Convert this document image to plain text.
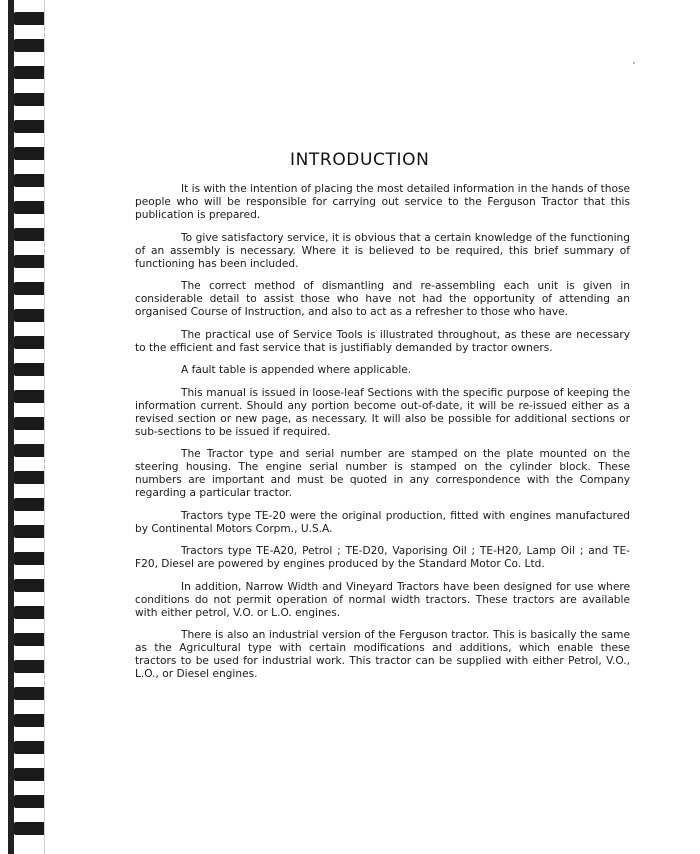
INTRODUCTION

It is with the intention of placing the most detailed information in the hands of those people who will be responsible for carrying out service to the Ferguson Tractor that this publication is prepared.

To give satisfactory service, it is obvious that a certain knowledge of the functioning of an assembly is necessary. Where it is believed to be required, this brief summary of functioning has been included.

The correct method of dismantling and re-assembling each unit is given in considerable detail to assist those who have not had the opportunity of attending an organised Course of Instruction, and also to act as a refresher to those who have.

The practical use of Service Tools is illustrated throughout, as these are necessary to the efficient and fast service that is justifiably demanded by tractor owners.

A fault table is appended where applicable.

This manual is issued in loose-leaf Sections with the specific purpose of keeping the information current. Should any portion become out-of-date, it will be re-issued either as a revised section or new page, as necessary. It will also be possible for additional sections or sub-sections to be issued if required.

The Tractor type and serial number are stamped on the plate mounted on the steering housing. The engine serial number is stamped on the cylinder block. These numbers are important and must be quoted in any correspondence with the Company regarding a particular tractor.

Tractors type TE-20 were the original production, fitted with engines manufactured by Continental Motors Corpm., U.S.A.

Tractors type TE-A20, Petrol ; TE-D20, Vaporising Oil ; TE-H20, Lamp Oil ; and TE-F20, Diesel are powered by engines produced by the Standard Motor Co. Ltd.

In addition, Narrow Width and Vineyard Tractors have been designed for use where conditions do not permit operation of normal width tractors. These tractors are available with either petrol, V.O. or L.O. engines.

There is also an industrial version of the Ferguson tractor. This is basically the same as the Agricultural type with certain modifications and additions, which enable these tractors to be used for industrial work. This tractor can be supplied with either Petrol, V.O., L.O., or Diesel engines.
